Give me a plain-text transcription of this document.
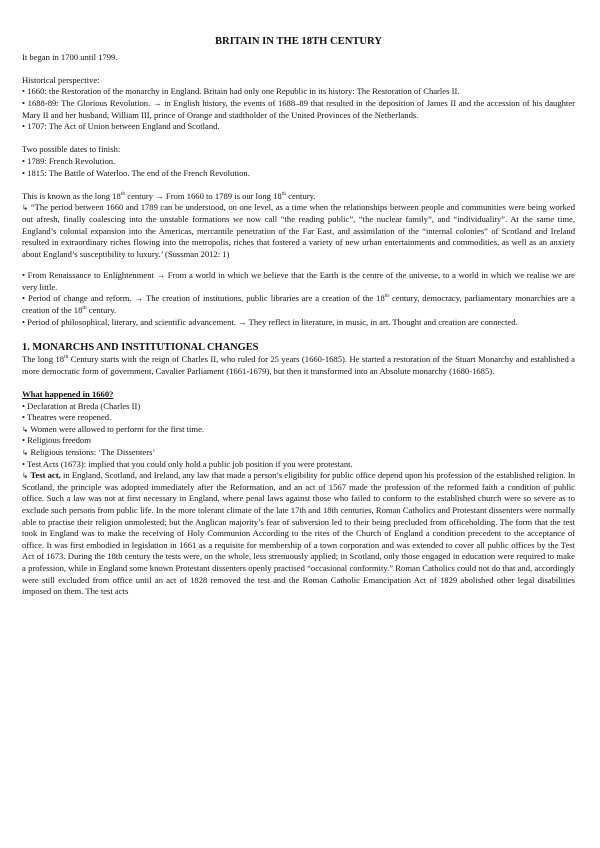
BRITAIN IN THE 18TH CENTURY

It began in 1700 until 1799.

Historical perspective:

• 1660: the Restoration of the monarchy in England. Britain had only one Republic in its history: The Restoration of Charles II.

• 1688-89: The Glorious Revolution. → in English history, the events of 1688–89 that resulted in the deposition of James II and the accession of his daughter Mary II and her husband, William III, prince of Orange and stadtholder of the United Provinces of the Netherlands.

• 1707: The Act of Union between England and Scotland.

Two possible dates to finish:

• 1789: French Revolution.

• 1815: The Battle of Waterloo. The end of the French Revolution.

This is known as the long 18th century → From 1660 to 1789 is our long 18th century.

↳ “The period between 1660 and 1789 can be understood, on one level, as a time when the relationships between people and communities were being worked out afresh, finally coalescing into the unstable formations we now call “the reading public”, “the nuclear family”, and “individuality”. At the same time, England’s colonial expansion into the Americas, mercantile penetration of the Far East, and assimilation of the “internal colonies” of Scotland and Ireland resulted in extraordinary riches flowing into the metropolis, riches that fostered a variety of new urban entertainments and commodities, as well as an anxiety about England’s susceptibility to luxury.’ (Sussman 2012: 1)

• From Renaissance to Enlightenment → From a world in which we believe that the Earth is the centre of the universe, to a world in which we realise we are very little.

• Period of change and reform. → The creation of institutions, public libraries are a creation of the 18th century, democracy, parliamentary monarchies are a creation of the 18th century.

• Period of philosophical, literary, and scientific advancement. → They reflect in literature, in music, in art. Thought and creation are connected.

1. MONARCHS AND INSTITUTIONAL CHANGES

The long 18th Century starts with the reign of Charles II, who ruled for 25 years (1660-1685). He started a restoration of the Stuart Monarchy and established a more democratic form of government, Cavalier Parliament (1661-1679), but then it transformed into an Absolute monarchy (1680-1685).

What happened in 1660?

• Declaration at Breda (Charles II)

• Theatres were reopened.

↳ Women were allowed to perform for the first time.

• Religious freedom

↳ Religious tensions: ‘The Dissenters’

• Test Acts (1673): implied that you could only hold a public job position if you were protestant.

↳ Test act, in England, Scotland, and Ireland, any law that made a person’s eligibility for public office depend upon his profession of the established religion. In Scotland, the principle was adopted immediately after the Reformation, and an act of 1567 made the profession of the reformed faith a condition of public office. Such a law was not at first necessary in England, where penal laws against those who failed to conform to the established church were so severe as to exclude such persons from public life. In the more tolerant climate of the late 17th and 18th centuries, Roman Catholics and Protestant dissenters were normally able to practise their religion unmolested; but the Anglican majority’s fear of subversion led to their being precluded from officeholding. The form that the test took in England was to make the receiving of Holy Communion According to the rites of the Church of England a condition precedent to the acceptance of office. It was first embodied in legislation in 1661 as a requisite for membership of a town corporation and was extended to cover all public offices by the Test Act of 1673. During the 18th century the tests were, on the whole, less strenuously applied; in Scotland, only those engaged in education were required to make a profession, while in England some known Protestant dissenters openly practised “occasional conformity.” Roman Catholics could not do that and, accordingly were still excluded from office until an act of 1828 removed the test and the Roman Catholic Emancipation Act of 1829 abolished other legal disabilities imposed on them. The test acts
